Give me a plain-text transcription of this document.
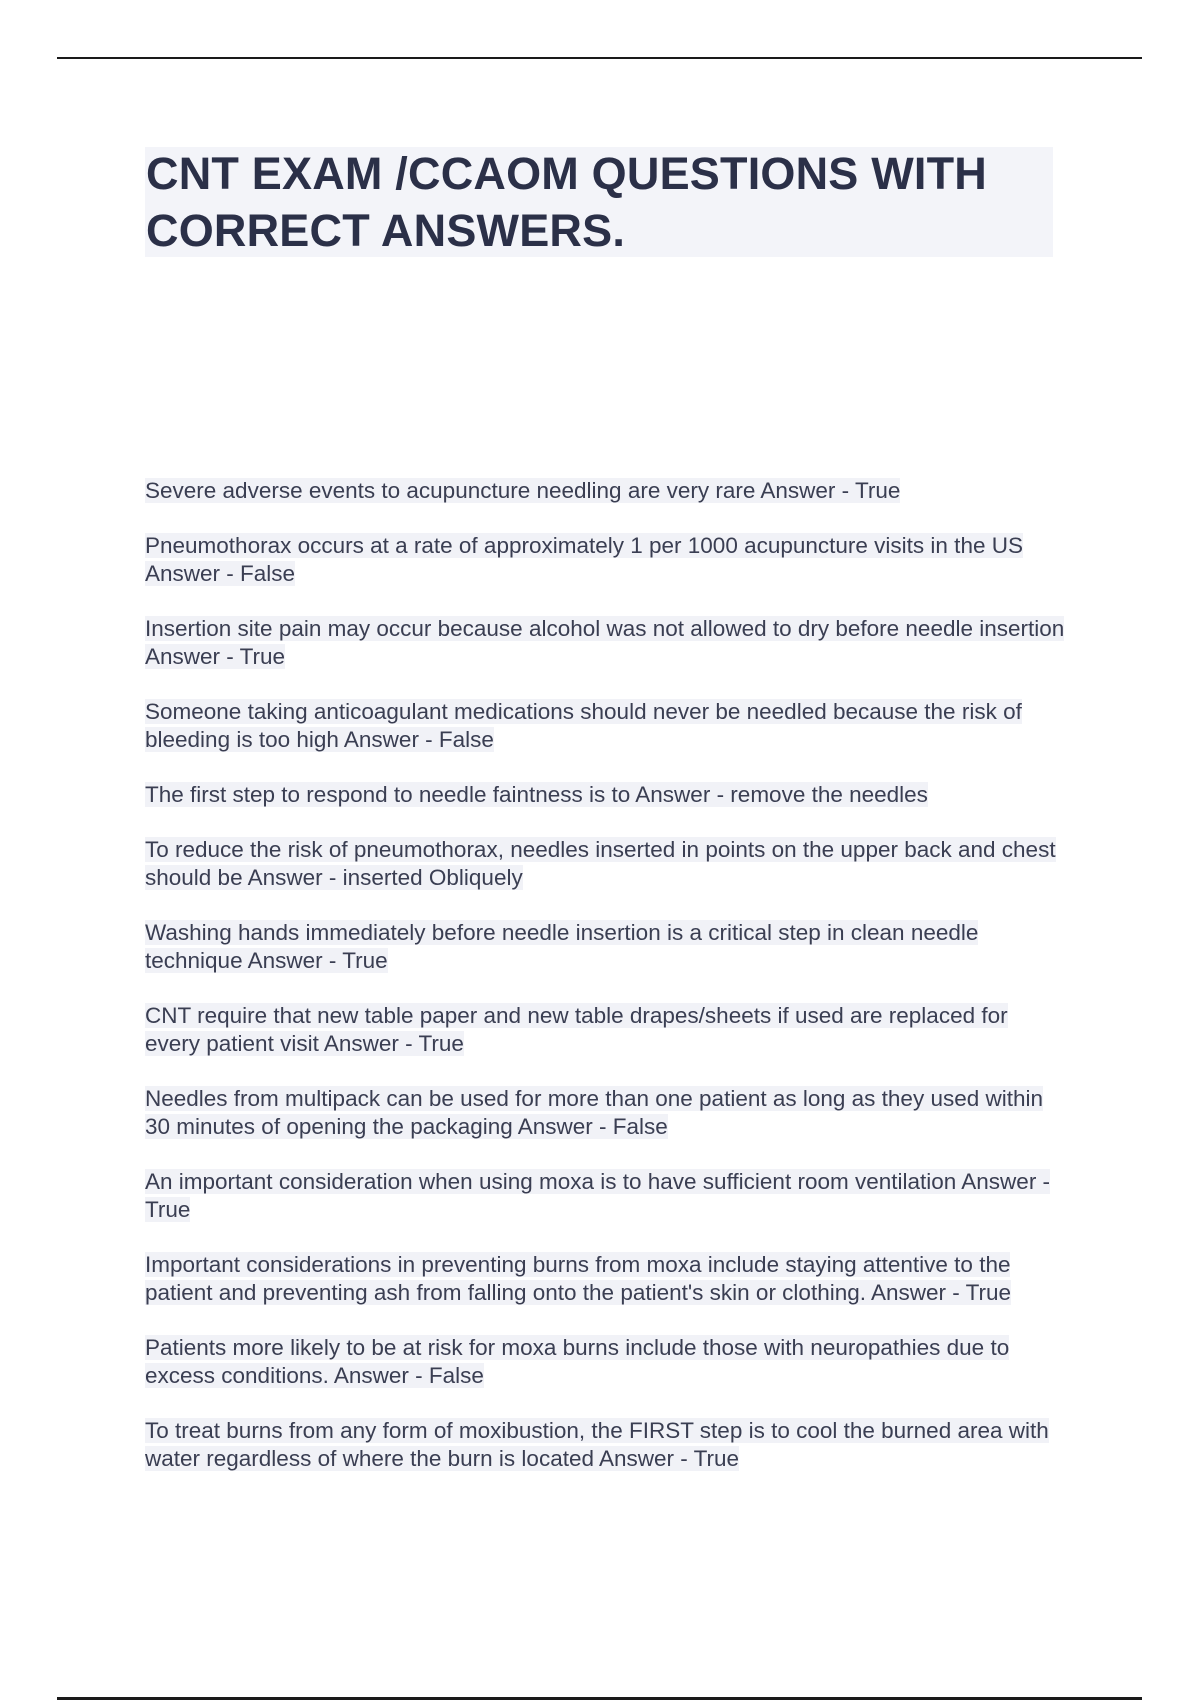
CNT EXAM /CCAOM QUESTIONS WITH CORRECT ANSWERS.
Severe adverse events to acupuncture needling are very rare Answer - True
Pneumothorax occurs at a rate of approximately 1 per 1000 acupuncture visits in the US Answer - False
Insertion site pain may occur because alcohol was not allowed to dry before needle insertion Answer - True
Someone taking anticoagulant medications should never be needled because the risk of bleeding is too high Answer - False
The first step to respond to needle faintness is to Answer - remove the needles
To reduce the risk of pneumothorax, needles inserted in points on the upper back and chest should be Answer - inserted Obliquely
Washing hands immediately before needle insertion is a critical step in clean needle technique Answer - True
CNT require that new table paper and new table drapes/sheets if used are replaced for every patient visit Answer - True
Needles from multipack can be used for more than one patient as long as they used within 30 minutes of opening the packaging Answer - False
An important consideration when using moxa is to have sufficient room ventilation Answer - True
Important considerations in preventing burns from moxa include staying attentive to the patient and preventing ash from falling onto the patient's skin or clothing. Answer - True
Patients more likely to be at risk for moxa burns include those with neuropathies due to excess conditions. Answer - False
To treat burns from any form of moxibustion, the FIRST step is to cool the burned area with water regardless of where the burn is located Answer - True
